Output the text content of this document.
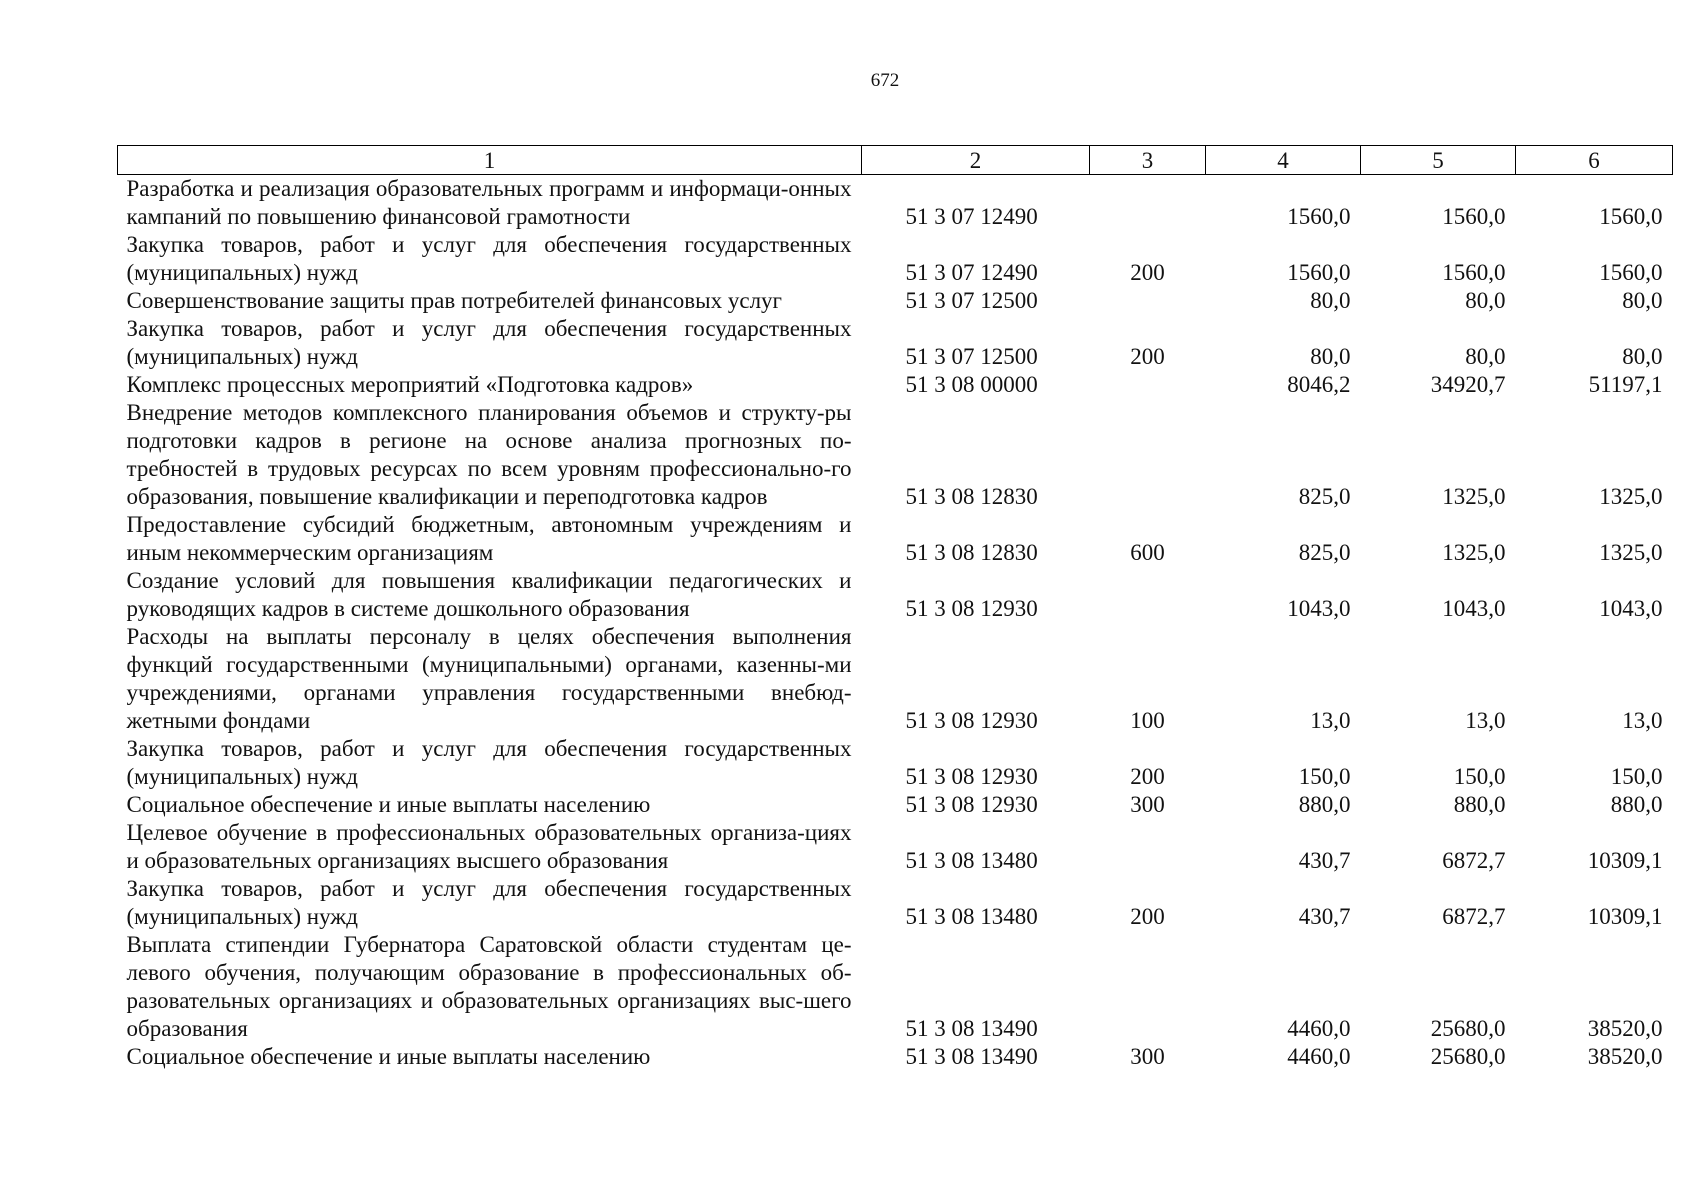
672
1	2	3	4	5	6
Разработка и реализация образовательных программ и информаци-онных кампаний по повышению финансовой грамотности	51 3 07 12490		1560,0	1560,0	1560,0
Закупка товаров, работ и услуг для обеспечения государственных (муниципальных) нужд	51 3 07 12490	200	1560,0	1560,0	1560,0
Совершенствование защиты прав потребителей финансовых услуг	51 3 07 12500		80,0	80,0	80,0
Закупка товаров, работ и услуг для обеспечения государственных (муниципальных) нужд	51 3 07 12500	200	80,0	80,0	80,0
Комплекс процессных мероприятий «Подготовка кадров»	51 3 08 00000		8046,2	34920,7	51197,1
Внедрение методов комплексного планирования объемов и структу-ры подготовки кадров в регионе на основе анализа прогнозных по-требностей в трудовых ресурсах по всем уровням профессионально-го образования, повышение квалификации и переподготовка кадров	51 3 08 12830		825,0	1325,0	1325,0
Предоставление субсидий бюджетным, автономным учреждениям и иным некоммерческим организациям	51 3 08 12830	600	825,0	1325,0	1325,0
Создание условий для повышения квалификации педагогических и руководящих кадров в системе дошкольного образования	51 3 08 12930		1043,0	1043,0	1043,0
Расходы на выплаты персоналу в целях обеспечения выполнения функций государственными (муниципальными) органами, казенны-ми учреждениями, органами управления государственными внебюд-жетными фондами	51 3 08 12930	100	13,0	13,0	13,0
Закупка товаров, работ и услуг для обеспечения государственных (муниципальных) нужд	51 3 08 12930	200	150,0	150,0	150,0
Социальное обеспечение и иные выплаты населению	51 3 08 12930	300	880,0	880,0	880,0
Целевое обучение в профессиональных образовательных организа-циях и образовательных организациях высшего образования	51 3 08 13480		430,7	6872,7	10309,1
Закупка товаров, работ и услуг для обеспечения государственных (муниципальных) нужд	51 3 08 13480	200	430,7	6872,7	10309,1
Выплата стипендии Губернатора Саратовской области студентам це-левого обучения, получающим образование в профессиональных об-разовательных организациях и образовательных организациях выс-шего образования	51 3 08 13490		4460,0	25680,0	38520,0
Социальное обеспечение и иные выплаты населению	51 3 08 13490	300	4460,0	25680,0	38520,0
